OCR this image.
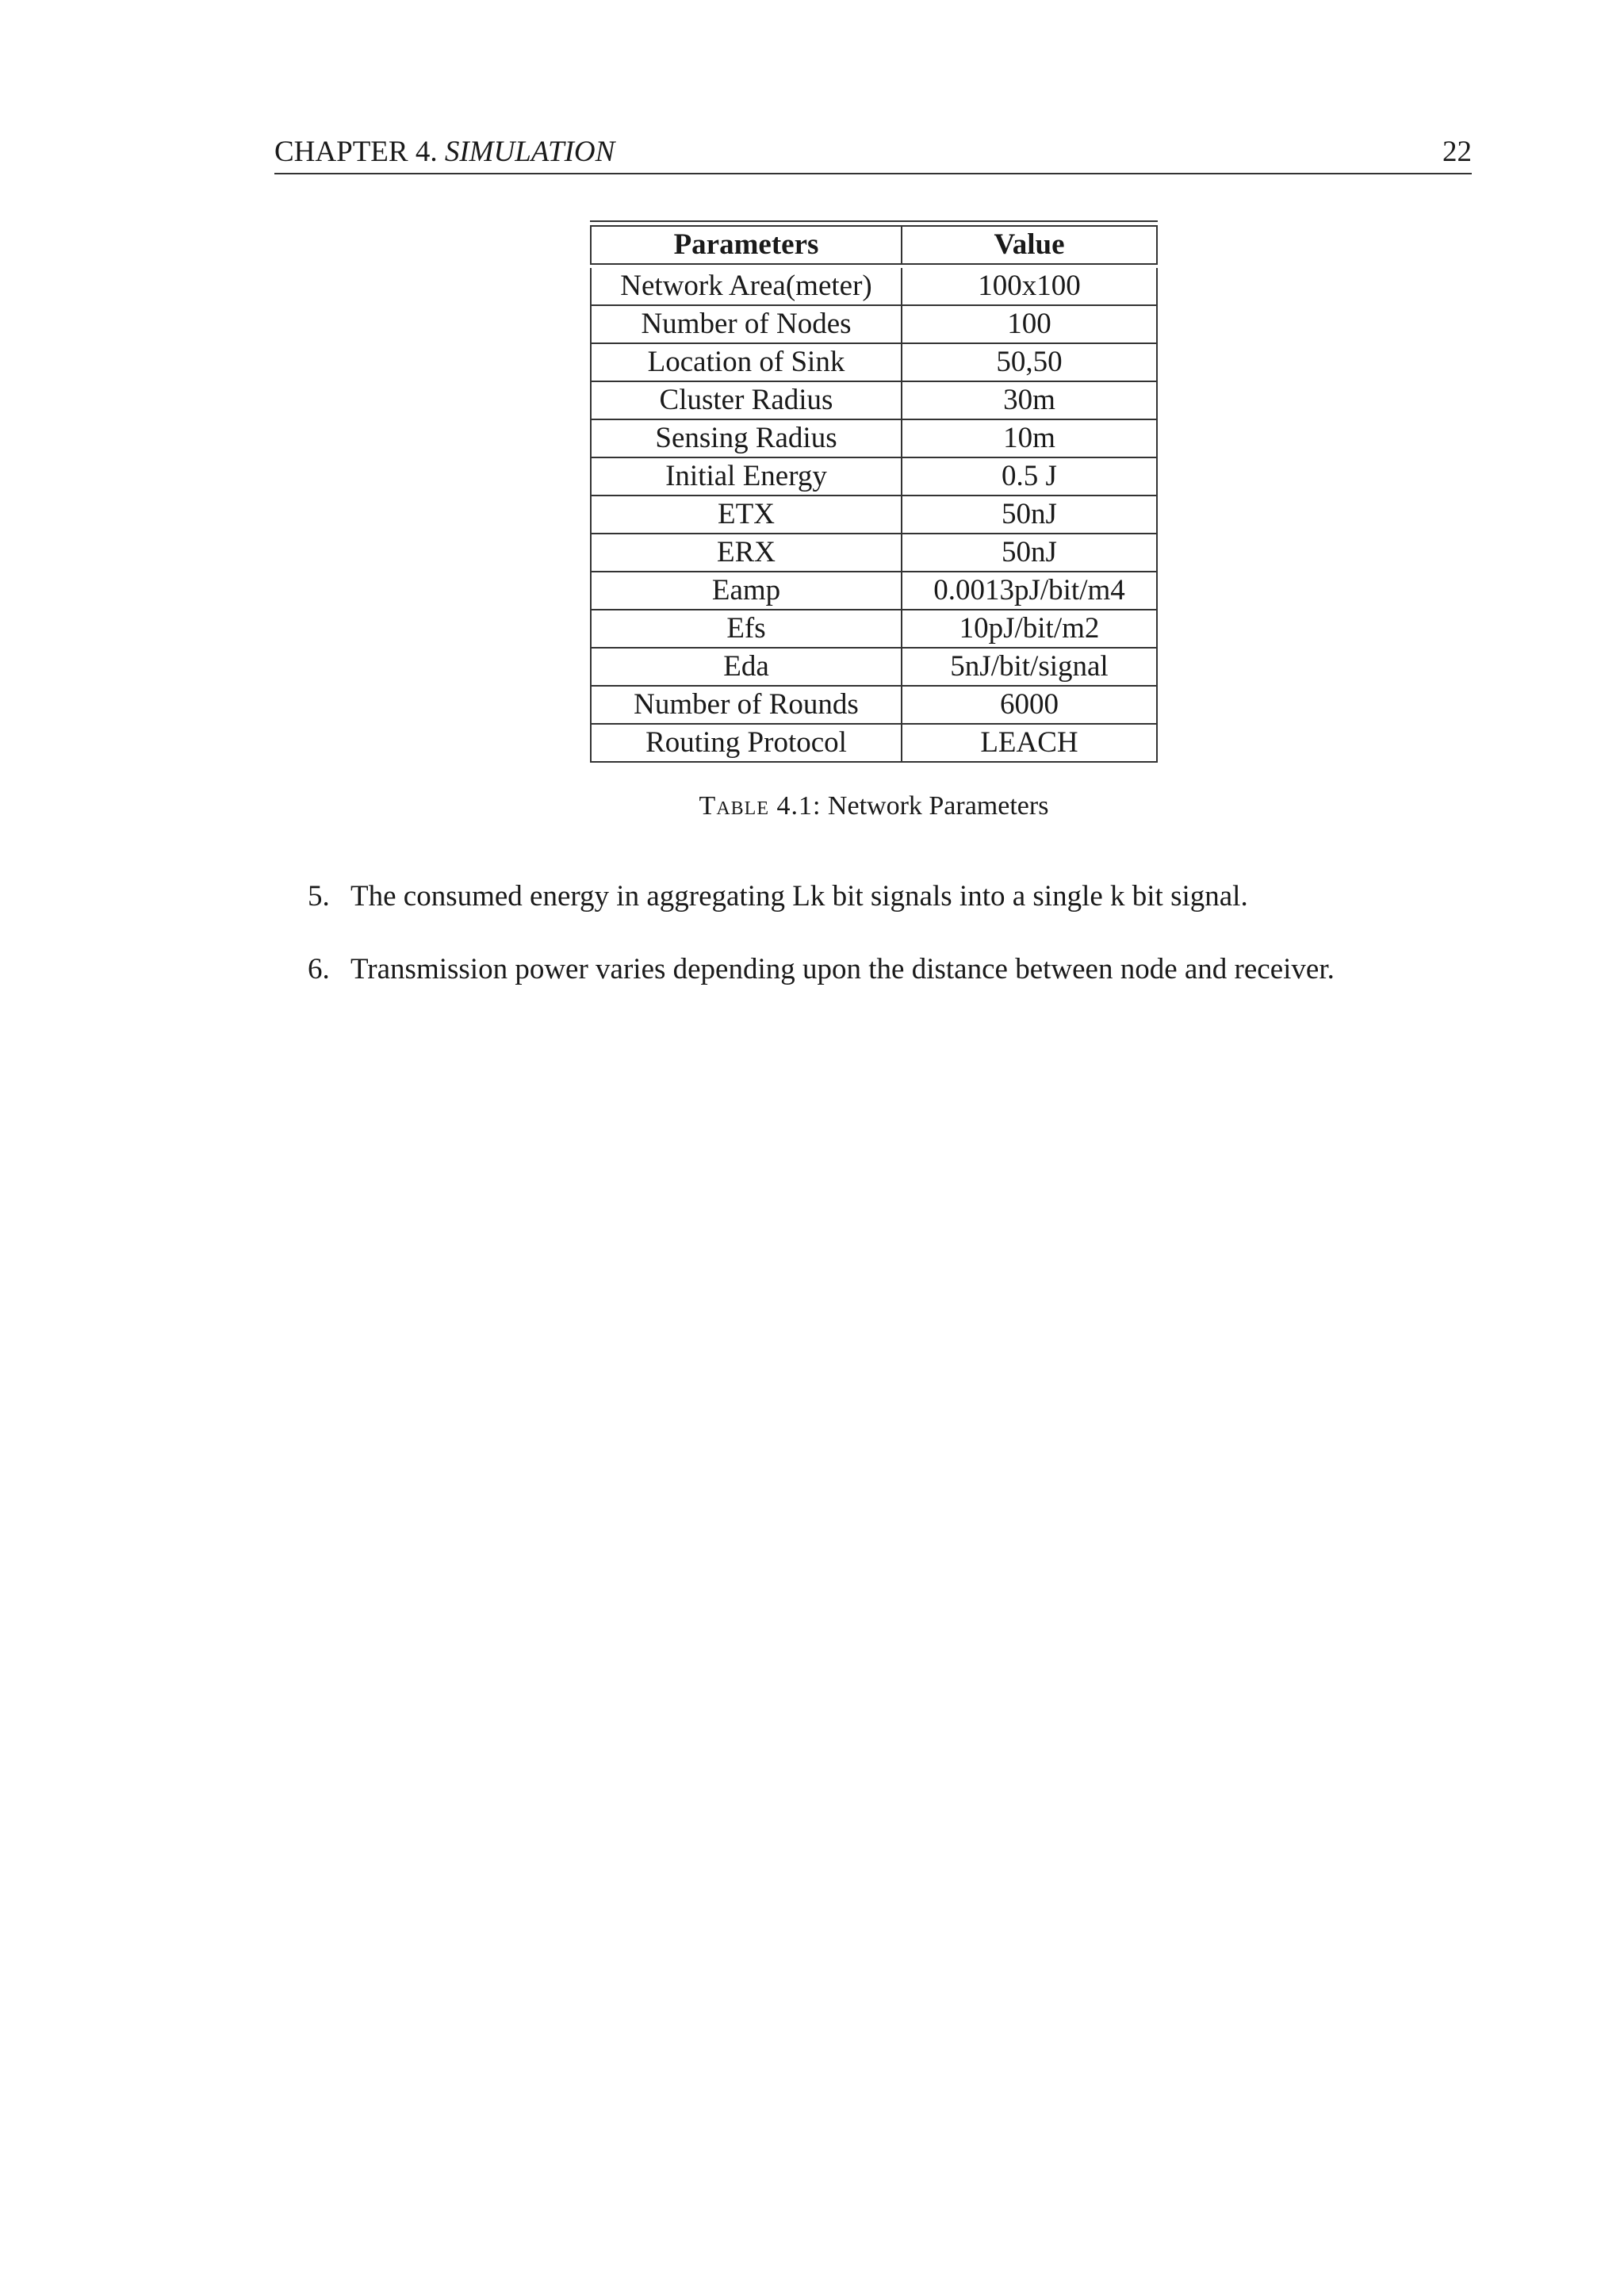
CHAPTER 4. SIMULATION	22
Parameters	Value

Network Area(meter)	100x100
Number of Nodes	100
Location of Sink	50,50
Cluster Radius	30m
Sensing Radius	10m
Initial Energy	0.5 J
ETX	50nJ
ERX	50nJ
Eamp	0.0013pJ/bit/m4
Efs	10pJ/bit/m2
Eda	5nJ/bit/signal
Number of Rounds	6000
Routing Protocol	LEACH
Table 4.1: Network Parameters
5. The consumed energy in aggregating Lk bit signals into a single k bit signal.
6. Transmission power varies depending upon the distance between node and receiver.
